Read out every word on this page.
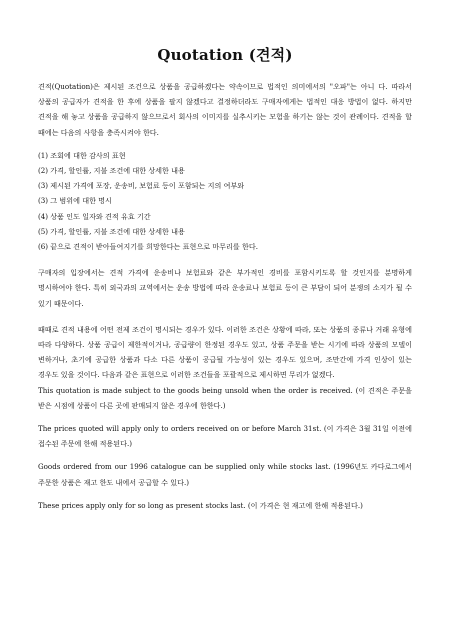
Quotation (견적)

견적(Quotation)은 제시된 조건으로 상품을 공급하겠다는 약속이므로 법적인 의미에서의 "오파"는 아니 다. 따라서 상품의 공급자가 견적을 한 후에 상품을 팔지 않겠다고 결정하더라도 구매자에게는 법적인 대응 방법이 없다. 하지만 견적을 해 놓고 상품을 공급하지 않으므로서 회사의 이미지를 실추시키는 모험을 하기는 않는 것이 관례이다. 견적을 할 때에는 다음의 사항을 충족시켜야 한다.

(1) 조회에 대한 감사의 표현
(2) 가격, 할인률, 지불 조건에 대한 상세한 내용
(3) 제시된 가격에 포장, 운송비, 보험료 등이 포함되는 지의 여부와
(3) 그 범위에 대한 명시
(4) 상품 인도 일자와 견적 유효 기간
(5) 가격, 할인률, 지불 조건에 대한 상세한 내용
(6) 끝으로 견적이 받아들여지기를 희망한다는 표현으로 마무리를 한다.

구매자의 입장에서는 견적 가격에 운송비나 보험료와 같은 부가적인 경비를 포함시키도록 할 것인지를 분명하게 명시하여야 한다. 특히 외국과의 교역에서는 운송 방법에 따라 운송료나 보험료 등이 큰 부담이 되어 분쟁의 소지가 될 수 있기 때문이다.

때때로 견적 내용에 어떤 전제 조건이 명시되는 경우가 있다. 이러한 조건은 상황에 따라, 또는 상품의 종류나 거래 유형에 따라 다양하다. 상품 공급이 제한적이거나, 공급량이 한정된 경우도 있고, 상품 주문을 받는 시기에 따라 상품의 모델이 변하거나, 초기에 공급한 상품과 다소 다른 상품이 공급될 가능성이 있는 경우도 있으며, 조만간에 가격 인상이 있는 경우도 있을 것이다. 다음과 같은 표현으로 이러한 조건들을 포괄적으로 제시하면 무리가 없겠다.

This quotation is made subject to the goods being unsold when the order is received. (이 견적은 주문을 받은 시점에 상품이 다른 곳에 판매되지 않은 경우에 한한다.)

The prices quoted will apply only to orders received on or before March 31st. (이 가격은 3월 31일 이전에 접수된 주문에 한해 적용된다.)

Goods ordered from our 1996 catalogue can be supplied only while stocks last. (1996년도 카다로그에서 주문한 상품은 재고 한도 내에서 공급할 수 있다.)

These prices apply only for so long as present stocks last. (이 가격은 현 재고에 한해 적용된다.)
